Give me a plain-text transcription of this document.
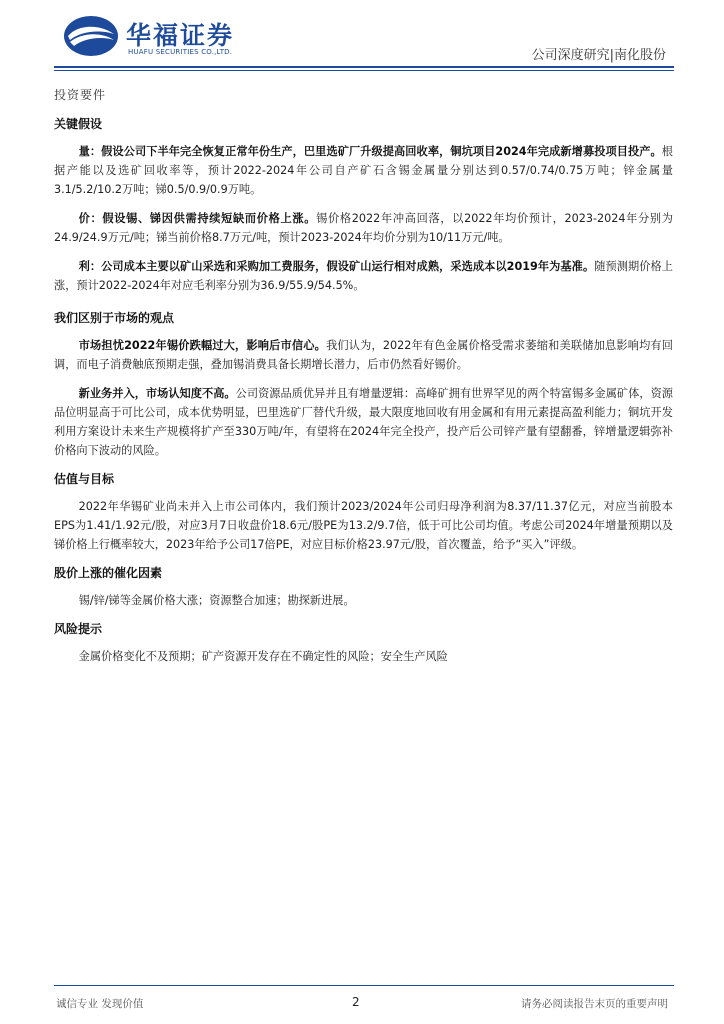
华福证券
HUAFU SECURITIES CO.,LTD.	公司深度研究|南化股份
投资要件
关键假设

量：假设公司下半年完全恢复正常年份生产，巴里选矿厂升级提高回收率，铜坑项目2024年完成新增募投项目投产。根据产能以及选矿回收率等，预计2022-2024年公司自产矿石含锡金属量分别达到0.57/0.74/0.75万吨；锌金属量3.1/5.2/10.2万吨；锑0.5/0.9/0.9万吨。

价：假设锡、锑因供需持续短缺而价格上涨。锡价格2022年冲高回落，以2022年均价预计，2023-2024年分别为24.9/24.9万元/吨；锑当前价格8.7万元/吨，预计2023-2024年均价分别为10/11万元/吨。

利：公司成本主要以矿山采选和采购加工费服务，假设矿山运行相对成熟，采选成本以2019年为基准。随预测期价格上涨，预计2022-2024年对应毛利率分别为36.9/55.9/54.5%。

我们区别于市场的观点

市场担忧2022年锡价跌幅过大，影响后市信心。我们认为，2022年有色金属价格受需求萎缩和美联储加息影响均有回调，而电子消费触底预期走强，叠加锡消费具备长期增长潜力，后市仍然看好锡价。

新业务并入，市场认知度不高。公司资源品质优异并且有增量逻辑：高峰矿拥有世界罕见的两个特富锡多金属矿体，资源品位明显高于可比公司，成本优势明显，巴里选矿厂替代升级，最大限度地回收有用金属和有用元素提高盈利能力；铜坑开发利用方案设计未来生产规模将扩产至330万吨/年，有望将在2024年完全投产，投产后公司锌产量有望翻番，锌增量逻辑弥补价格向下波动的风险。

估值与目标

2022年华锡矿业尚未并入上市公司体内，我们预计2023/2024年公司归母净利润为8.37/11.37亿元，对应当前股本EPS为1.41/1.92元/股，对应3月7日收盘价18.6元/股PE为13.2/9.7倍，低于可比公司均值。考虑公司2024年增量预期以及锑价格上行概率较大，2023年给予公司17倍PE，对应目标价格23.97元/股，首次覆盖，给予“买入”评级。

股价上涨的催化因素

锡/锌/锑等金属价格大涨；资源整合加速；勘探新进展。

风险提示

金属价格变化不及预期；矿产资源开发存在不确定性的风险；安全生产风险

诚信专业 发现价值	2	请务必阅读报告末页的重要声明
